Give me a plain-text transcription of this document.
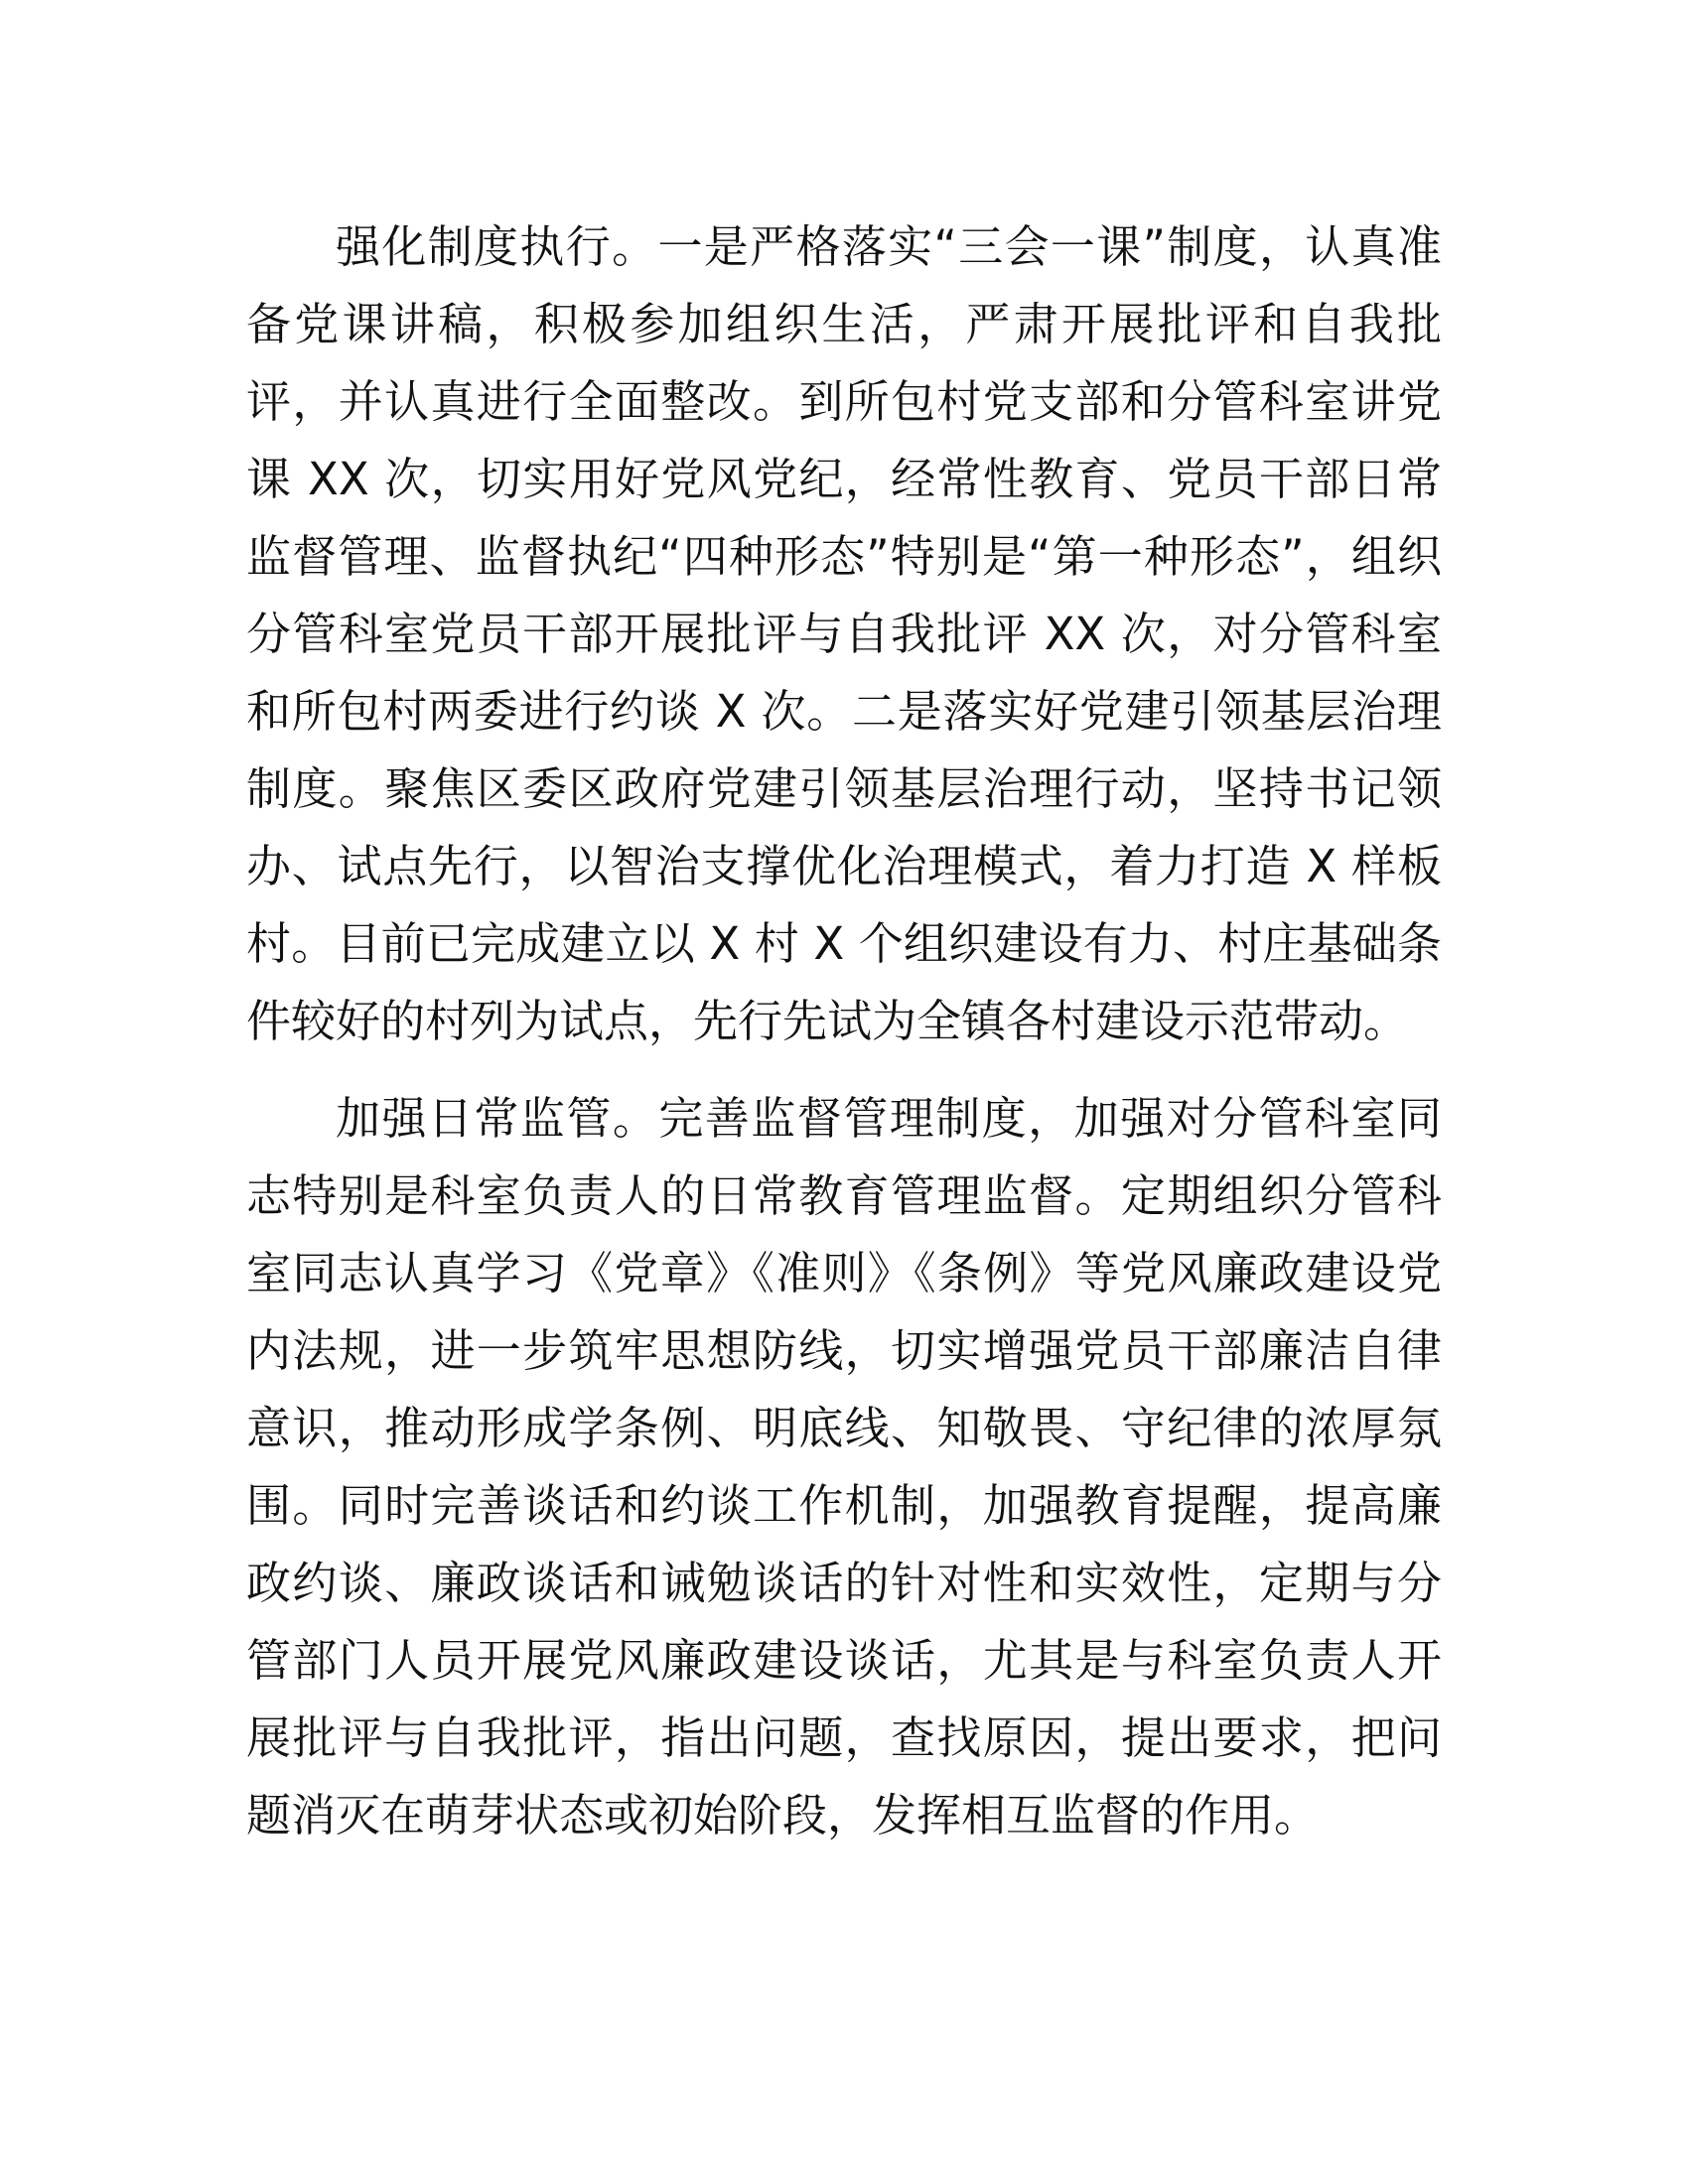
强化制度执行。一是严格落实“三会一课”制度，认真准备党课讲稿，积极参加组织生活，严肃开展批评和自我批评，并认真进行全面整改。到所包村党支部和分管科室讲党课 XX 次，切实用好党风党纪，经常性教育、党员干部日常监督管理、监督执纪“四种形态”特别是“第一种形态”，组织分管科室党员干部开展批评与自我批评 XX 次，对分管科室和所包村两委进行约谈 X 次。二是落实好党建引领基层治理制度。聚焦区委区政府党建引领基层治理行动，坚持书记领办、试点先行，以智治支撑优化治理模式，着力打造 X 样板村。目前已完成建立以 X 村 X 个组织建设有力、村庄基础条件较好的村列为试点，先行先试为全镇各村建设示范带动。

加强日常监管。完善监督管理制度，加强对分管科室同志特别是科室负责人的日常教育管理监督。定期组织分管科室同志认真学习《党章》《准则》《条例》等党风廉政建设党内法规，进一步筑牢思想防线，切实增强党员干部廉洁自律意识，推动形成学条例、明底线、知敬畏、守纪律的浓厚氛围。同时完善谈话和约谈工作机制，加强教育提醒，提高廉政约谈、廉政谈话和诫勉谈话的针对性和实效性，定期与分管部门人员开展党风廉政建设谈话，尤其是与科室负责人开展批评与自我批评，指出问题，查找原因，提出要求，把问题消灭在萌芽状态或初始阶段，发挥相互监督的作用。
